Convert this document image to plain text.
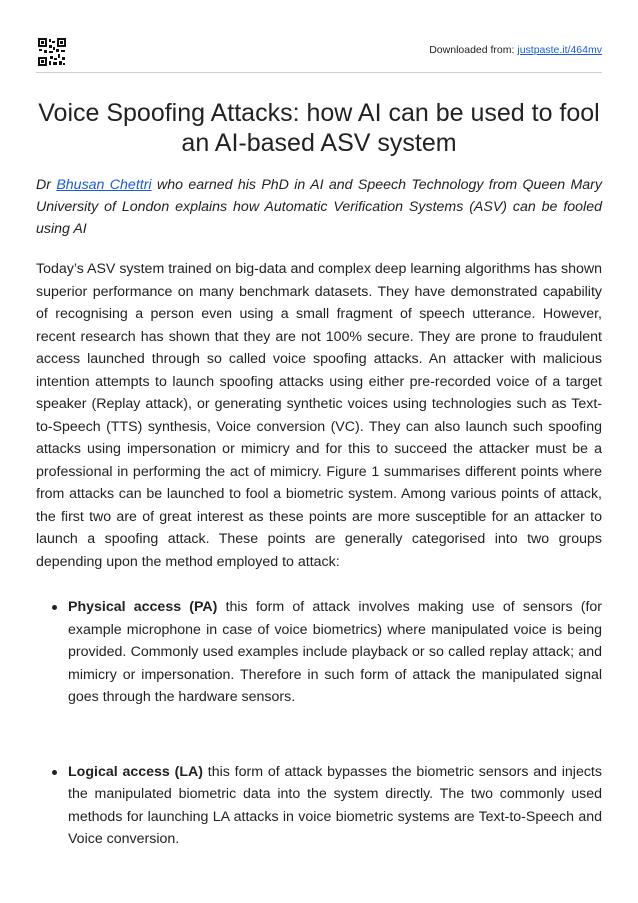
Downloaded from: justpaste.it/464mv
Voice Spoofing Attacks: how AI can be used to fool an AI-based ASV system

Dr Bhusan Chettri who earned his PhD in AI and Speech Technology from Queen Mary University of London explains how Automatic Verification Systems (ASV) can be fooled using AI

Today’s ASV system trained on big-data and complex deep learning algorithms has shown superior performance on many benchmark datasets. They have demonstrated capability of recognising a person even using a small fragment of speech utterance. However, recent research has shown that they are not 100% secure. They are prone to fraudulent access launched through so called voice spoofing attacks. An attacker with malicious intention attempts to launch spoofing attacks using either pre-recorded voice of a target speaker (Replay attack), or generating synthetic voices using technologies such as Text-to-Speech (TTS) synthesis, Voice conversion (VC). They can also launch such spoofing attacks using impersonation or mimicry and for this to succeed the attacker must be a professional in performing the act of mimicry. Figure 1 summarises different points where from attacks can be launched to fool a biometric system. Among various points of attack, the first two are of great interest as these points are more susceptible for an attacker to launch a spoofing attack. These points are generally categorised into two groups depending upon the method employed to attack:

Physical access (PA) this form of attack involves making use of sensors (for example microphone in case of voice biometrics) where manipulated voice is being provided. Commonly used examples include playback or so called replay attack; and mimicry or impersonation. Therefore in such form of attack the manipulated signal goes through the hardware sensors.
Logical access (LA) this form of attack bypasses the biometric sensors and injects the manipulated biometric data into the system directly. The two commonly used methods for launching LA attacks in voice biometric systems are Text-to-Speech and Voice conversion.
